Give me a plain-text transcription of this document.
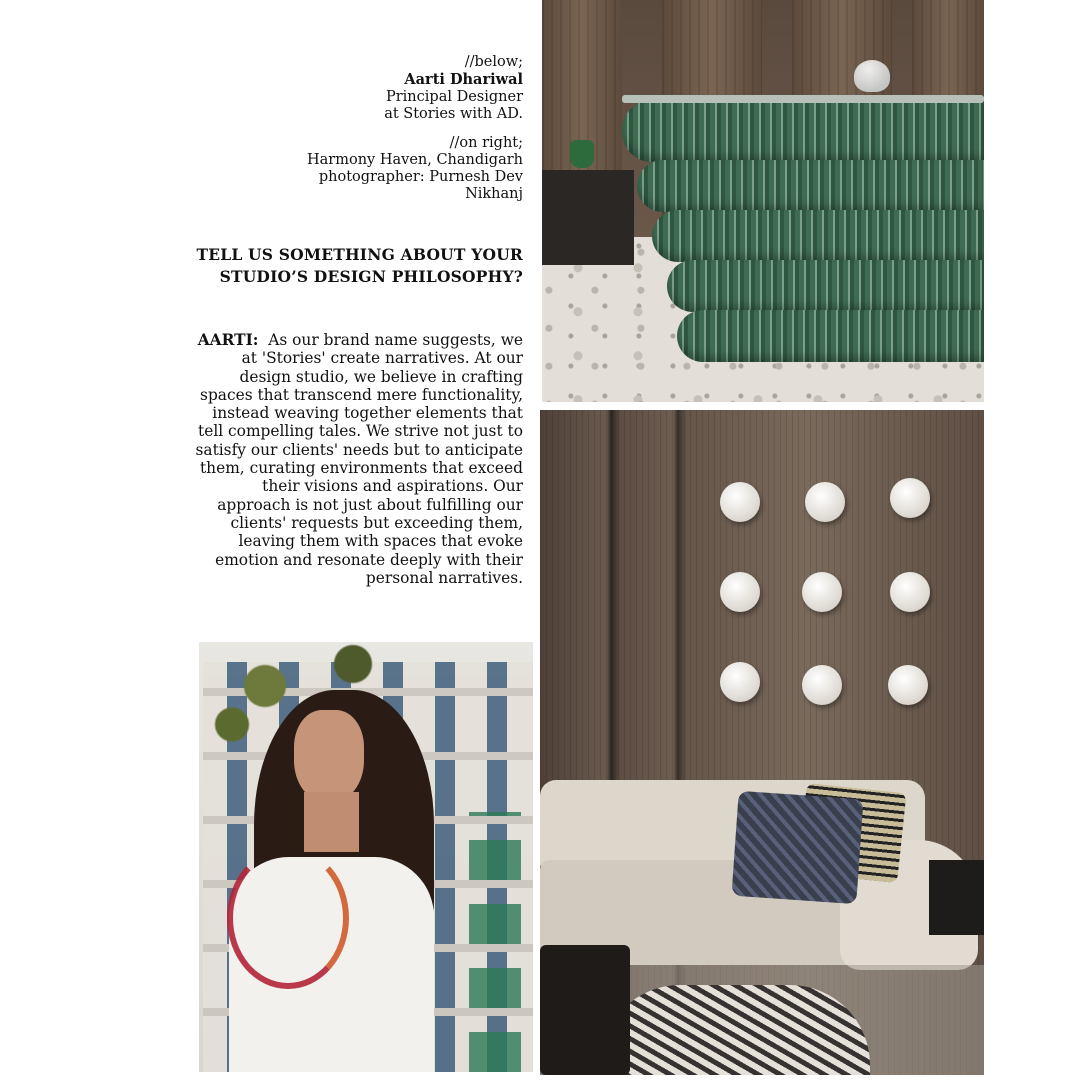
//below;
Aarti Dhariwal
Principal Designer
at Stories with AD.
//on right;
Harmony Haven, Chandigarh
photographer: Purnesh Dev
Nikhanj
TELL US SOMETHING ABOUT YOUR STUDIO’S DESIGN PHILOSOPHY?
AARTI: As our brand name suggests, we at 'Stories' create narratives. At our design studio, we believe in crafting spaces that transcend mere functionality, instead weaving together elements that tell compelling tales. We strive not just to satisfy our clients' needs but to anticipate them, curating environments that exceed their visions and aspirations. Our approach is not just about fulfilling our clients' requests but exceeding them, leaving them with spaces that evoke emotion and resonate deeply with their personal narratives.
